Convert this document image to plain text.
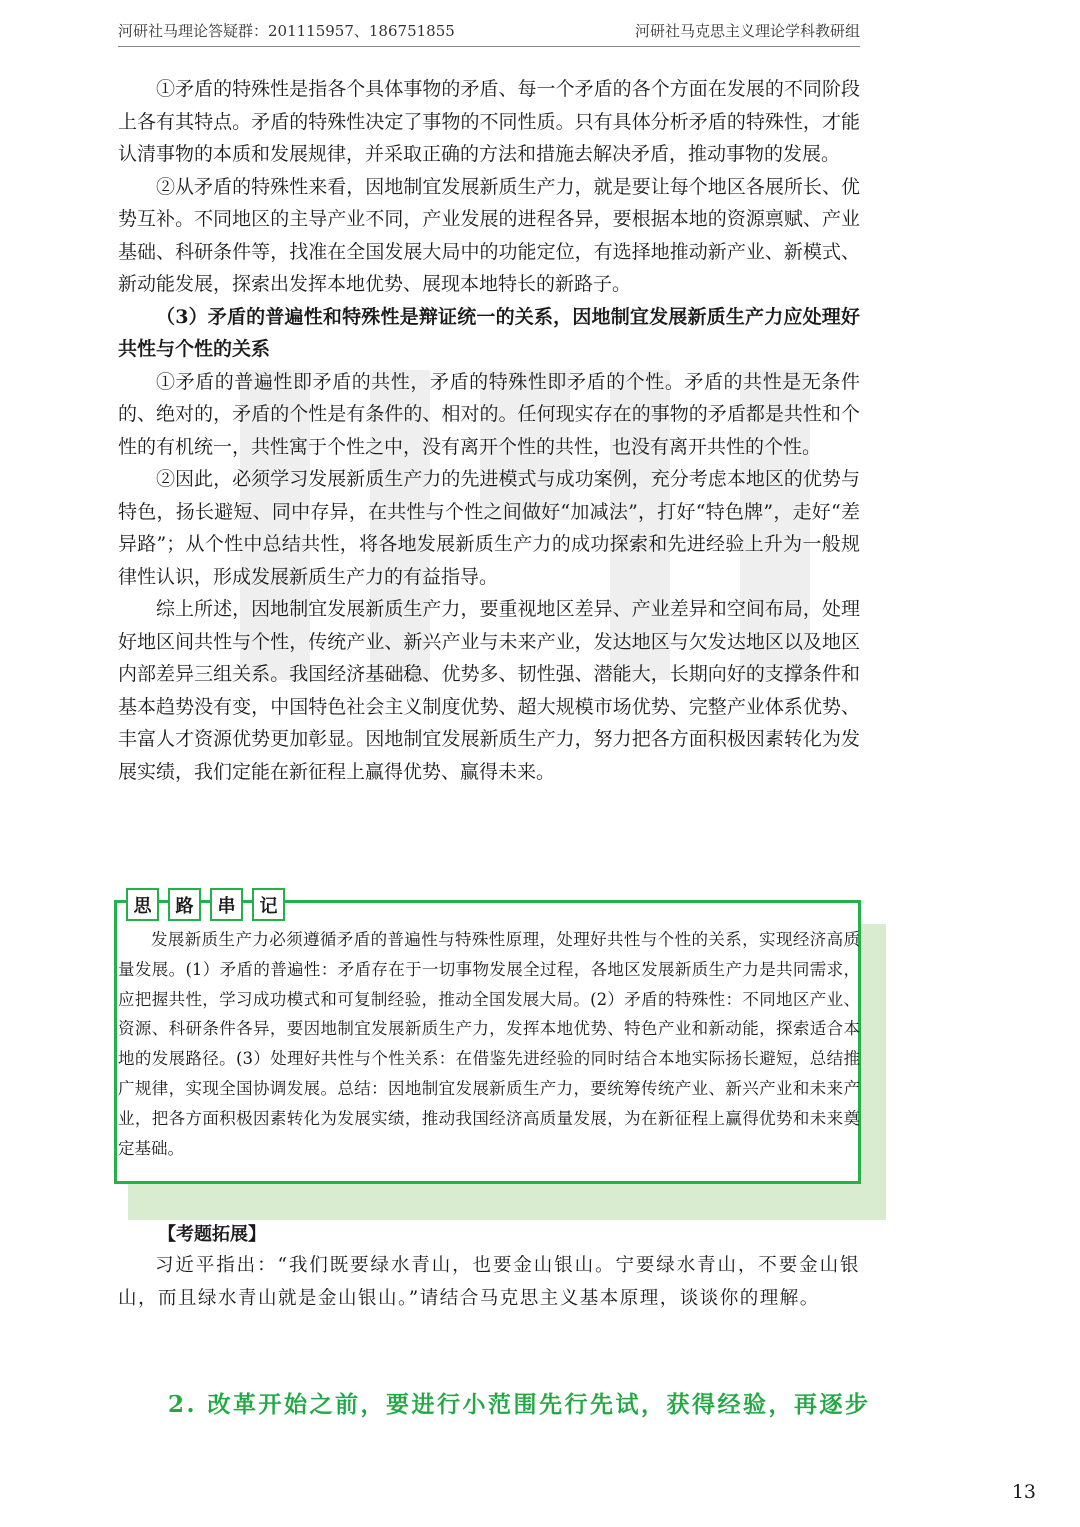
河研社马理论答疑群：201115957、186751855	河研社马克思主义理论学科教研组

①矛盾的特殊性是指各个具体事物的矛盾、每一个矛盾的各个方面在发展的不同阶段上各有其特点。矛盾的特殊性决定了事物的不同性质。只有具体分析矛盾的特殊性，才能认清事物的本质和发展规律，并采取正确的方法和措施去解决矛盾，推动事物的发展。

②从矛盾的特殊性来看，因地制宜发展新质生产力，就是要让每个地区各展所长、优势互补。不同地区的主导产业不同，产业发展的进程各异，要根据本地的资源禀赋、产业基础、科研条件等，找准在全国发展大局中的功能定位，有选择地推动新产业、新模式、新动能发展，探索出发挥本地优势、展现本地特长的新路子。

（3）矛盾的普遍性和特殊性是辩证统一的关系，因地制宜发展新质生产力应处理好共性与个性的关系

①矛盾的普遍性即矛盾的共性，矛盾的特殊性即矛盾的个性。矛盾的共性是无条件的、绝对的，矛盾的个性是有条件的、相对的。任何现实存在的事物的矛盾都是共性和个性的有机统一，共性寓于个性之中，没有离开个性的共性，也没有离开共性的个性。

②因此，必须学习发展新质生产力的先进模式与成功案例，充分考虑本地区的优势与特色，扬长避短、同中存异，在共性与个性之间做好“加减法”，打好“特色牌”，走好“差异路”；从个性中总结共性，将各地发展新质生产力的成功探索和先进经验上升为一般规律性认识，形成发展新质生产力的有益指导。

综上所述，因地制宜发展新质生产力，要重视地区差异、产业差异和空间布局，处理好地区间共性与个性，传统产业、新兴产业与未来产业，发达地区与欠发达地区以及地区内部差异三组关系。我国经济基础稳、优势多、韧性强、潜能大，长期向好的支撑条件和基本趋势没有变，中国特色社会主义制度优势、超大规模市场优势、完整产业体系优势、丰富人才资源优势更加彰显。因地制宜发展新质生产力，努力把各方面积极因素转化为发展实绩，我们定能在新征程上赢得优势、赢得未来。

思	路	串	记

发展新质生产力必须遵循矛盾的普遍性与特殊性原理，处理好共性与个性的关系，实现经济高质量发展。(1）矛盾的普遍性：矛盾存在于一切事物发展全过程，各地区发展新质生产力是共同需求，应把握共性，学习成功模式和可复制经验，推动全国发展大局。(2）矛盾的特殊性：不同地区产业、资源、科研条件各异，要因地制宜发展新质生产力，发挥本地优势、特色产业和新动能，探索适合本地的发展路径。(3）处理好共性与个性关系：在借鉴先进经验的同时结合本地实际扬长避短，总结推广规律，实现全国协调发展。总结：因地制宜发展新质生产力，要统筹传统产业、新兴产业和未来产业，把各方面积极因素转化为发展实绩，推动我国经济高质量发展，为在新征程上赢得优势和未来奠定基础。

【考题拓展】

习近平指出：“我们既要绿水青山，也要金山银山。宁要绿水青山，不要金山银山，而且绿水青山就是金山银山。”请结合马克思主义基本原理，谈谈你的理解。

2. 改革开始之前，要进行小范围先行先试，获得经验，再逐步
13
